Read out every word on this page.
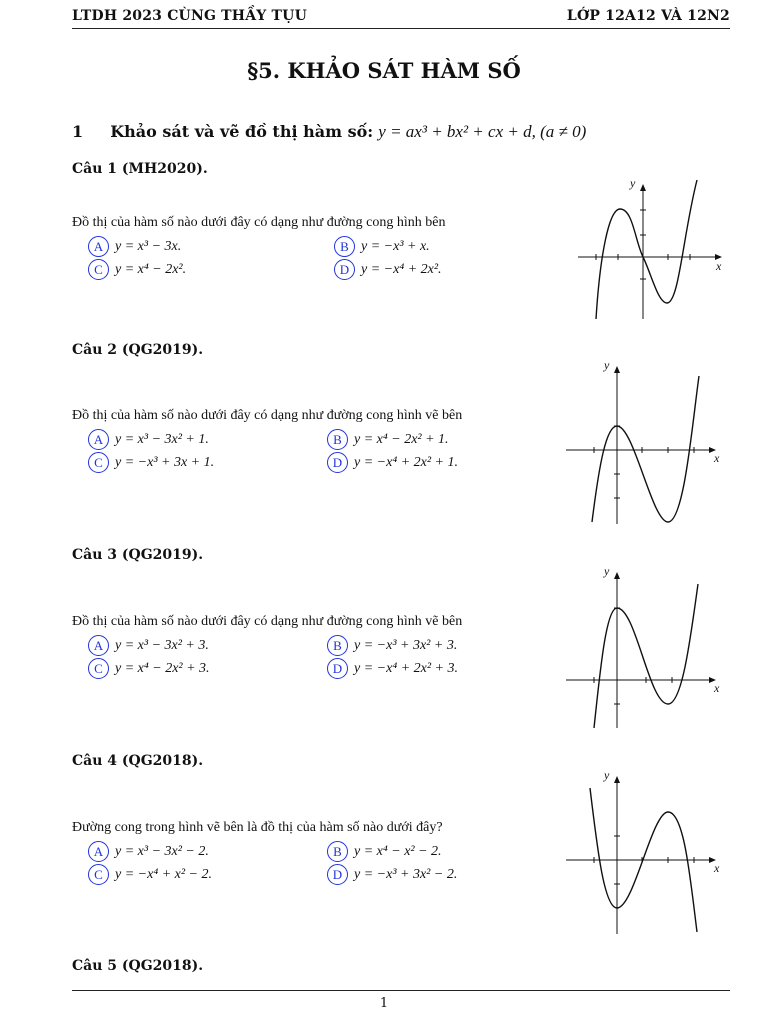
LTDH 2023 CÙNG THẦY TỤU	LỚP 12A12 VÀ 12N2
§5. KHẢO SÁT HÀM SỐ
1 Khảo sát và vẽ đồ thị hàm số: y = ax³ + bx² + cx + d, (a ≠ 0)
Câu 1 (MH2020).
Đồ thị của hàm số nào dưới đây có dạng như đường cong hình bên
A y = x³ − 3x.	B y = −x³ + x.
C y = x⁴ − 2x².	D y = −x⁴ + 2x².	x
y
Câu 2 (QG2019).
Đồ thị của hàm số nào dưới đây có dạng như đường cong hình vẽ bên
A y = x³ − 3x² + 1.	B y = x⁴ − 2x² + 1.
C y = −x³ + 3x + 1.	D y = −x⁴ + 2x² + 1.	x
y
Câu 3 (QG2019).
Đồ thị của hàm số nào dưới đây có dạng như đường cong hình vẽ bên
A y = x³ − 3x² + 3.	B y = −x³ + 3x² + 3.
C y = x⁴ − 2x² + 3.	D y = −x⁴ + 2x² + 3.
x
y
Câu 4 (QG2018).
Đường cong trong hình vẽ bên là đồ thị của hàm số nào dưới đây?
A y = x³ − 3x² − 2.	B y = x⁴ − x² − 2.
C y = −x⁴ + x² − 2.	D y = −x³ + 3x² − 2.	x
y
Câu 5 (QG2018).
1
